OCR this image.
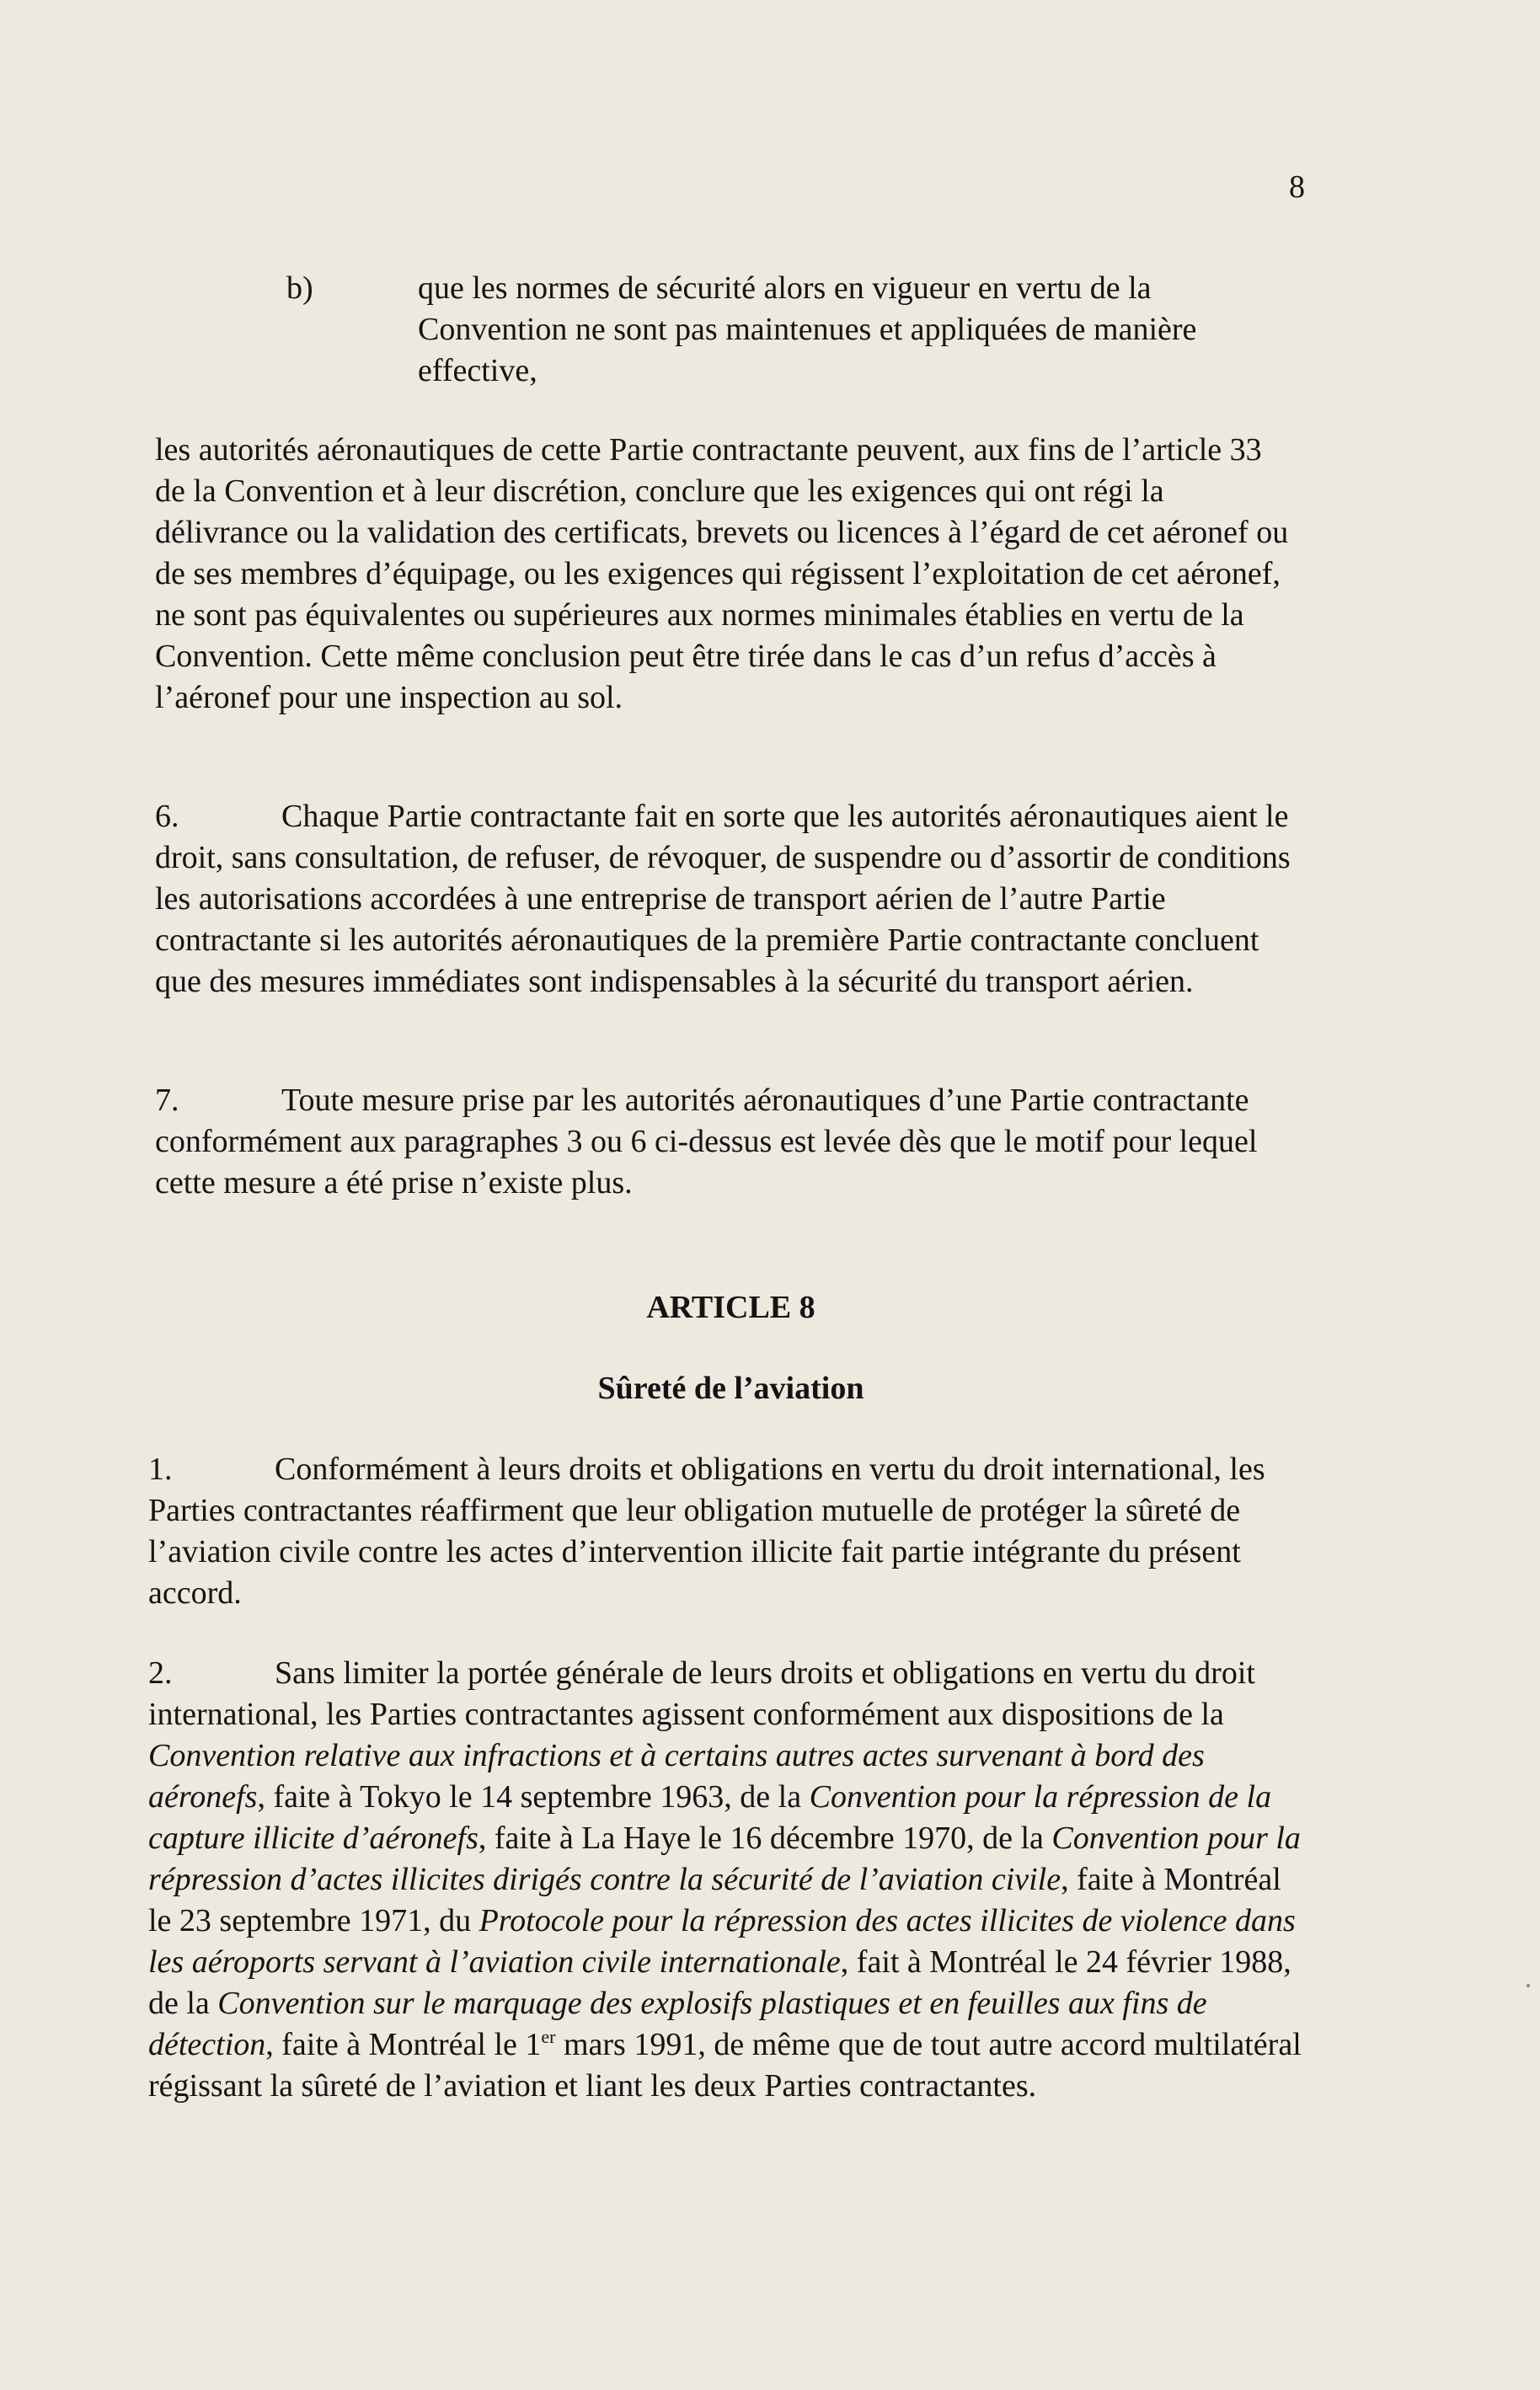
8
b)	que les normes de sécurité alors en vigueur en vertu de la Convention ne sont pas maintenues et appliquées de manière effective,
les autorités aéronautiques de cette Partie contractante peuvent, aux fins de l’article 33 de la Convention et à leur discrétion, conclure que les exigences qui ont régi la délivrance ou la validation des certificats, brevets ou licences à l’égard de cet aéronef ou de ses membres d’équipage, ou les exigences qui régissent l’exploitation de cet aéronef, ne sont pas équivalentes ou supérieures aux normes minimales établies en vertu de la Convention. Cette même conclusion peut être tirée dans le cas d’un refus d’accès à l’aéronef pour une inspection au sol.
6.	Chaque Partie contractante fait en sorte que les autorités aéronautiques aient le droit, sans consultation, de refuser, de révoquer, de suspendre ou d’assortir de conditions les autorisations accordées à une entreprise de transport aérien de l’autre Partie contractante si les autorités aéronautiques de la première Partie contractante concluent que des mesures immédiates sont indispensables à la sécurité du transport aérien.
7.	Toute mesure prise par les autorités aéronautiques d’une Partie contractante conformément aux paragraphes 3 ou 6 ci-dessus est levée dès que le motif pour lequel cette mesure a été prise n’existe plus.
ARTICLE 8
Sûreté de l’aviation
1.	Conformément à leurs droits et obligations en vertu du droit international, les Parties contractantes réaffirment que leur obligation mutuelle de protéger la sûreté de l’aviation civile contre les actes d’intervention illicite fait partie intégrante du présent accord.
2.	Sans limiter la portée générale de leurs droits et obligations en vertu du droit international, les Parties contractantes agissent conformément aux dispositions de la Convention relative aux infractions et à certains autres actes survenant à bord des aéronefs, faite à Tokyo le 14 septembre 1963, de la Convention pour la répression de la capture illicite d’aéronefs, faite à La Haye le 16 décembre 1970, de la Convention pour la répression d’actes illicites dirigés contre la sécurité de l’aviation civile, faite à Montréal le 23 septembre 1971, du Protocole pour la répression des actes illicites de violence dans les aéroports servant à l’aviation civile internationale, fait à Montréal le 24 février 1988, de la Convention sur le marquage des explosifs plastiques et en feuilles aux fins de détection, faite à Montréal le 1er mars 1991, de même que de tout autre accord multilatéral régissant la sûreté de l’aviation et liant les deux Parties contractantes.
